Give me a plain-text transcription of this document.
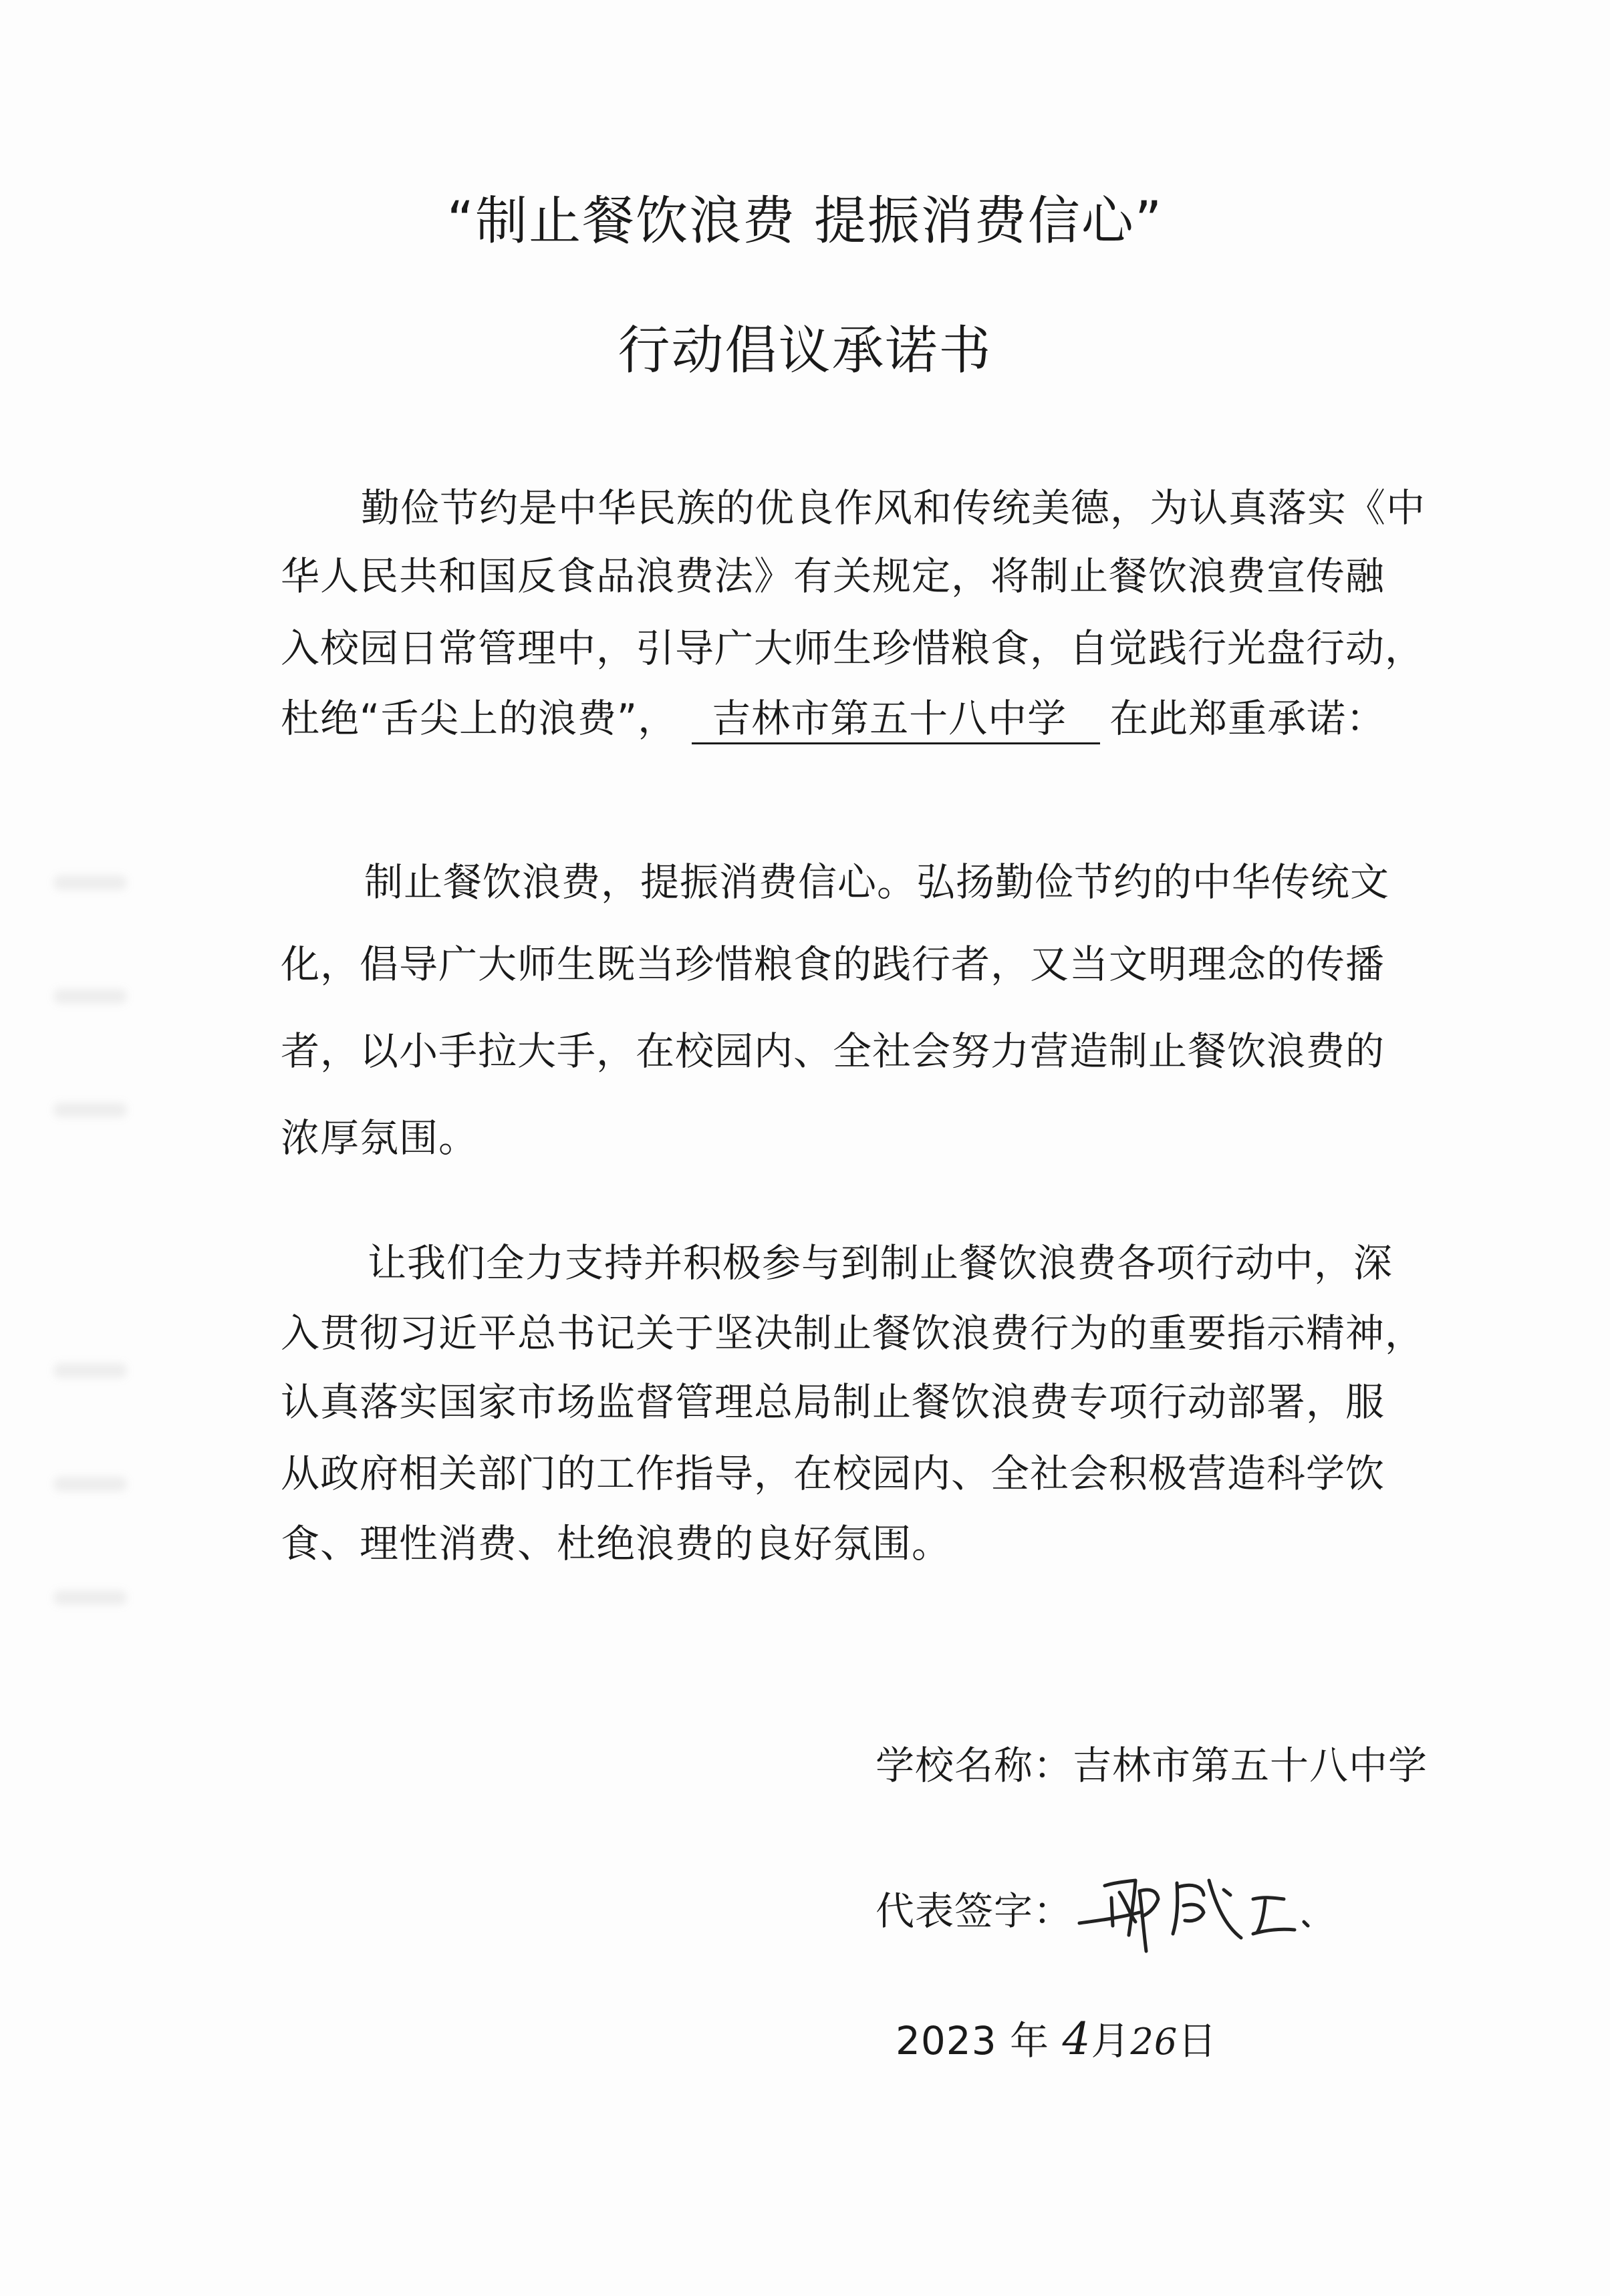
“制止餐饮浪费 提振消费信心”
行动倡议承诺书
勤俭节约是中华民族的优良作风和传统美德，为认真落实《中
华人民共和国反食品浪费法》有关规定，将制止餐饮浪费宣传融
入校园日常管理中，引导广大师生珍惜粮食，自觉践行光盘行动，
杜绝“舌尖上的浪费”， 吉林市第五十八中学 在此郑重承诺：
制止餐饮浪费，提振消费信心。弘扬勤俭节约的中华传统文
化，倡导广大师生既当珍惜粮食的践行者，又当文明理念的传播
者，以小手拉大手，在校园内、全社会努力营造制止餐饮浪费的
浓厚氛围。
让我们全力支持并积极参与到制止餐饮浪费各项行动中，深
入贯彻习近平总书记关于坚决制止餐饮浪费行为的重要指示精神，
认真落实国家市场监督管理总局制止餐饮浪费专项行动部署，服
从政府相关部门的工作指导，在校园内、全社会积极营造科学饮
食、理性消费、杜绝浪费的良好氛围。
学校名称：吉林市第五十八中学
代表签字：
2023 年 4月26日
